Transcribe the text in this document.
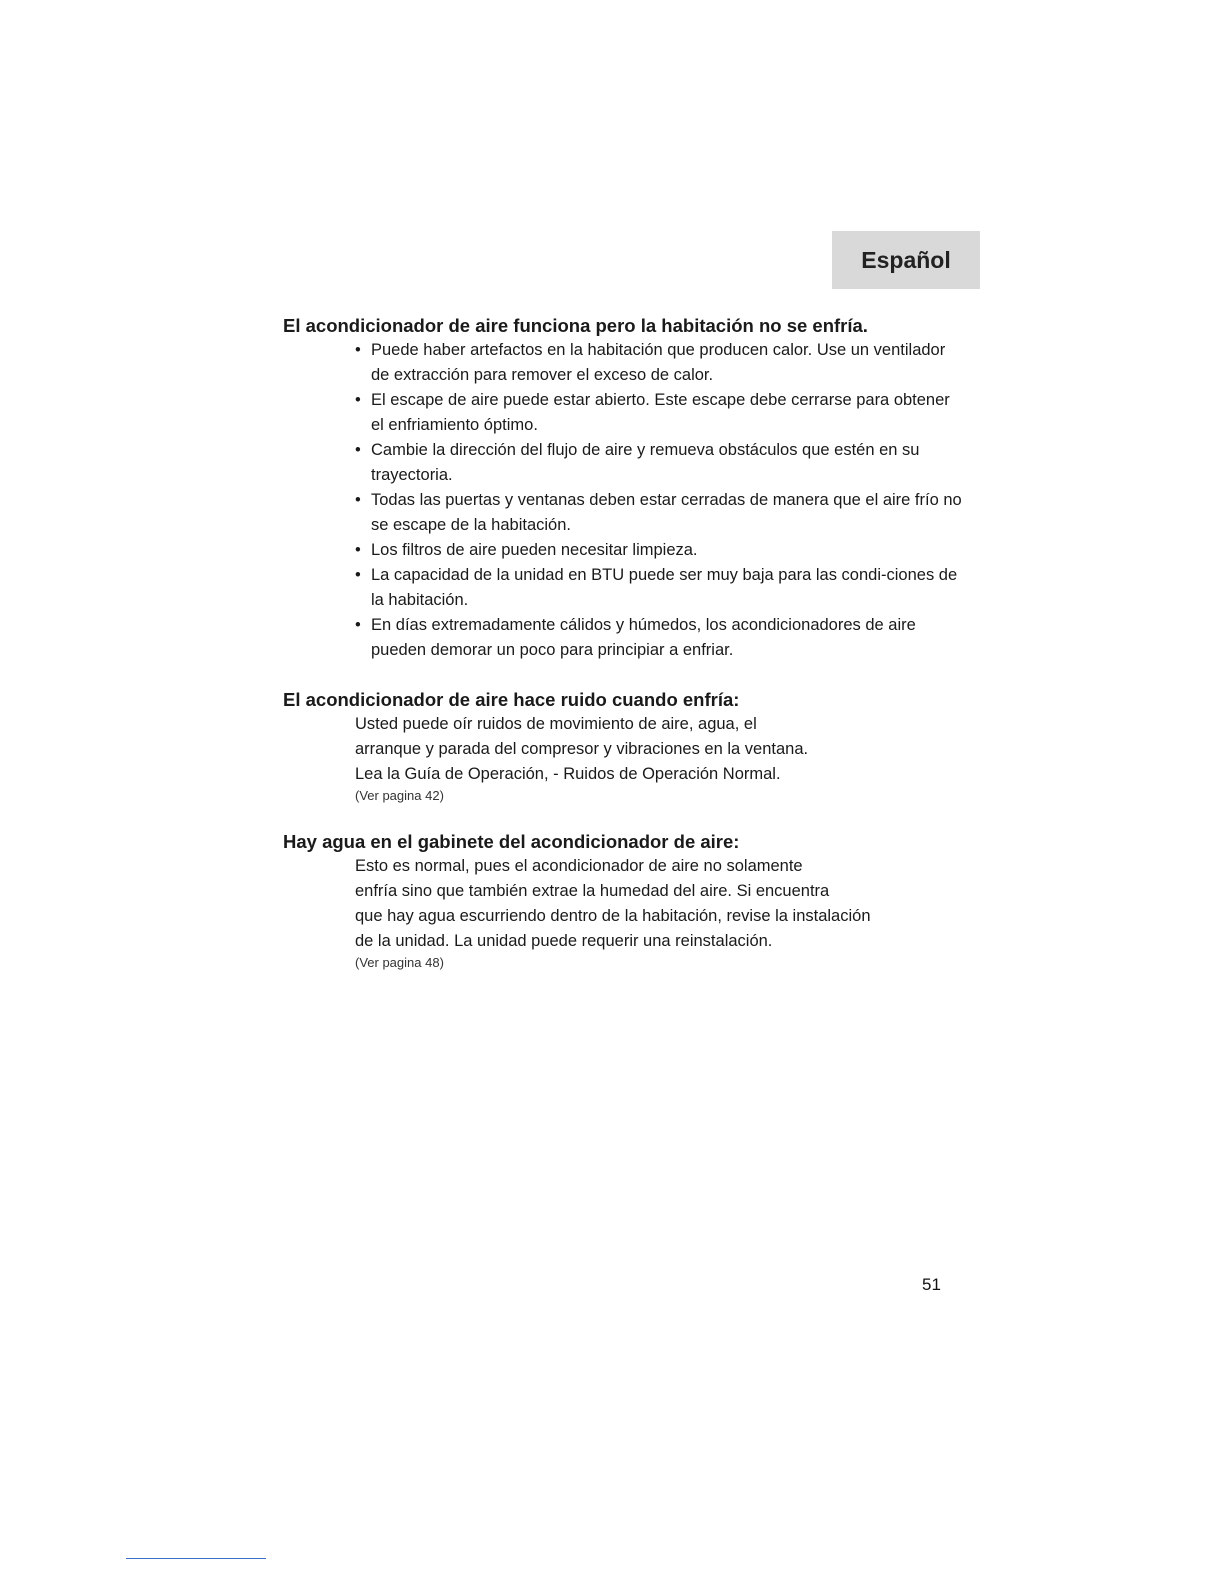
Español

El acondicionador de aire funciona pero la habitación no se enfría.

• Puede haber artefactos en la habitación que producen calor. Use un ventilador de extracción para remover el exceso de calor.
• El escape de aire puede estar abierto. Este escape debe cerrarse para obtener el enfriamiento óptimo.
• Cambie la dirección del flujo de aire y remueva obstáculos que estén en su trayectoria.
• Todas las puertas y ventanas deben estar cerradas de manera que el aire frío no se escape de la habitación.
• Los filtros de aire pueden necesitar limpieza.
• La capacidad de la unidad en BTU puede ser muy baja para las condi-ciones de la habitación.
• En días extremadamente cálidos y húmedos, los acondicionadores de aire pueden demorar un poco para principiar a enfriar.

El acondicionador de aire hace ruido cuando enfría:

Usted puede oír ruidos de movimiento de aire, agua, el
arranque y parada del compresor y vibraciones en la ventana.
Lea la Guía de Operación, - Ruidos de Operación Normal.
(Ver pagina 42)

Hay agua en el gabinete del acondicionador de aire:

Esto es normal, pues el acondicionador de aire no solamente
enfría sino que también extrae la humedad del aire. Si encuentra
que hay agua escurriendo dentro de la habitación, revise la instalación
de la unidad. La unidad puede requerir una reinstalación.
(Ver pagina 48)
51
